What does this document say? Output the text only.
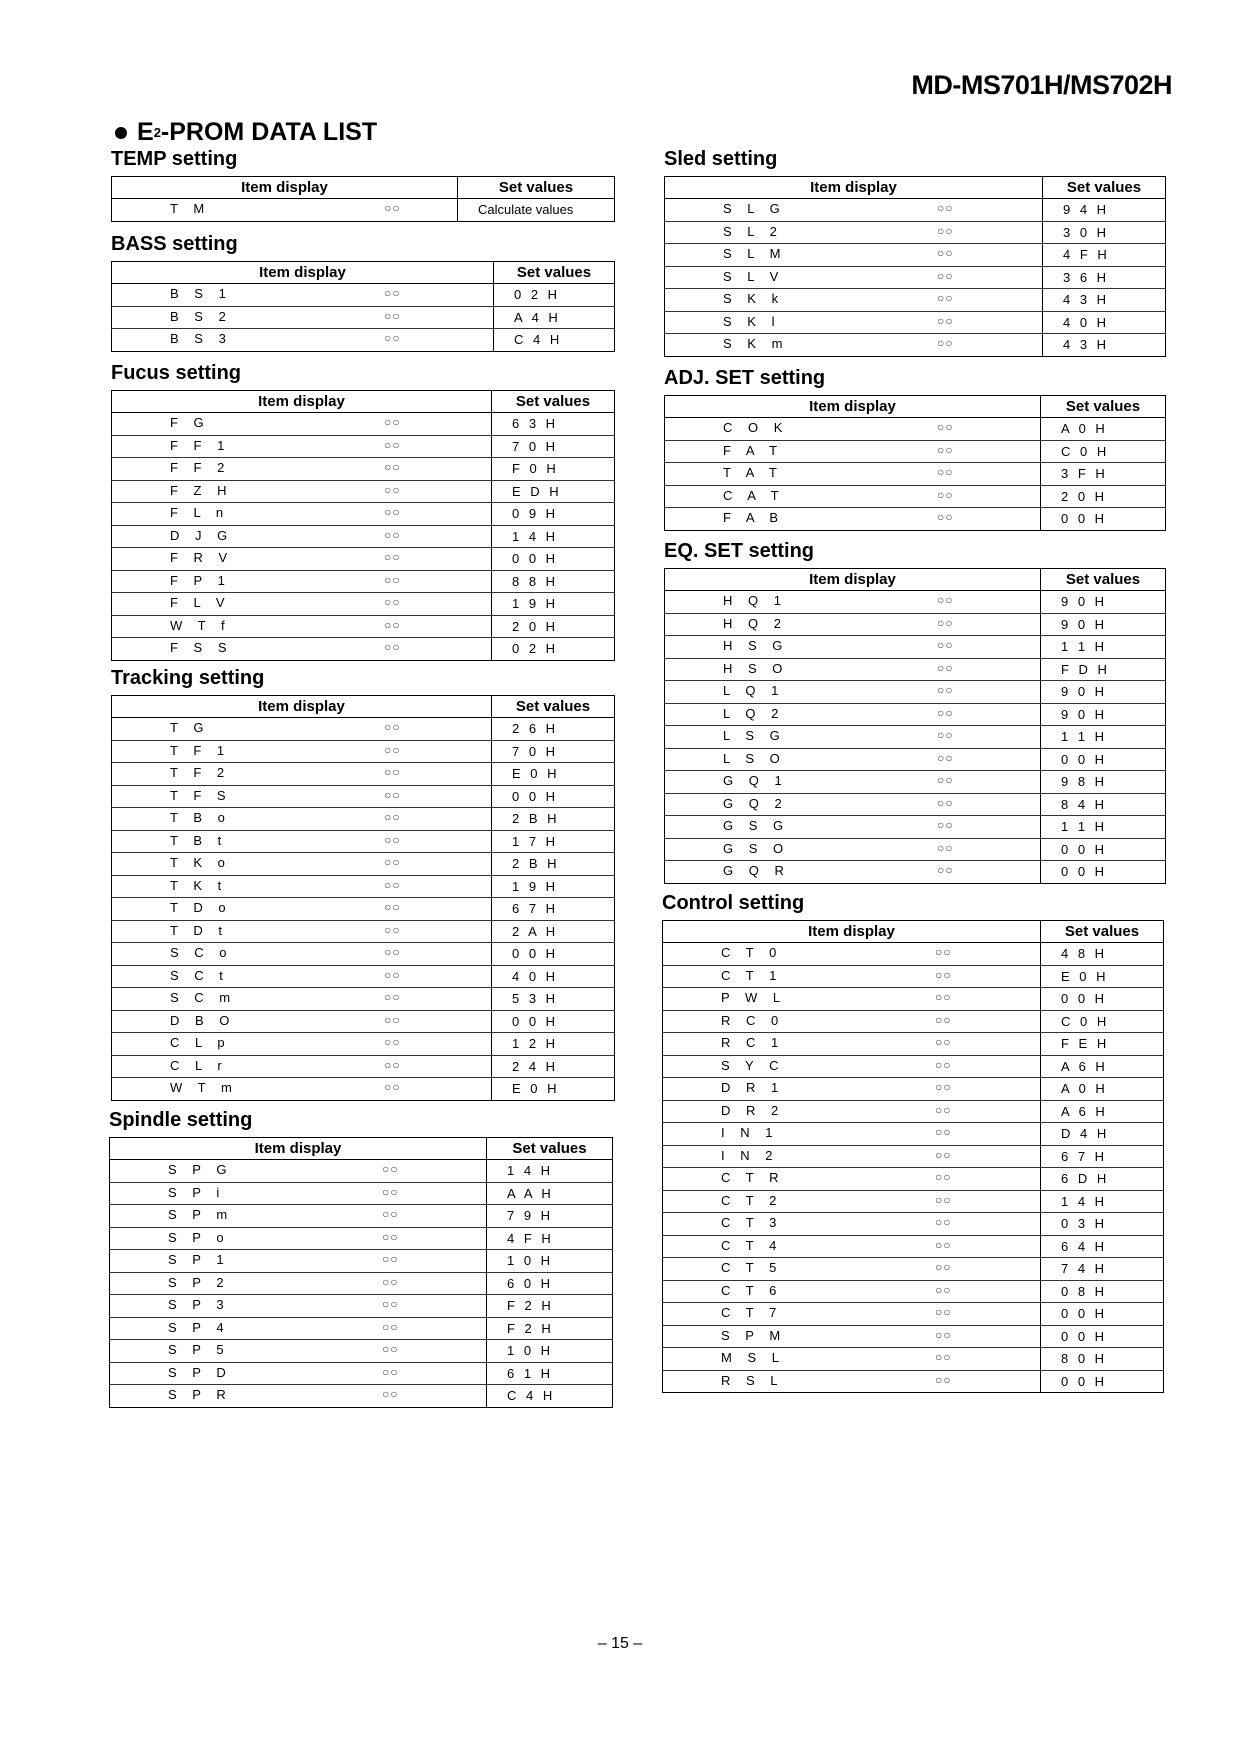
MD-MS701H/MS702H
E 2 -PROM DATA LIST
TEMP setting
Item display	Set values

T M ○○	Calculate values
BASS setting
Item display	Set values

B S 1 ○○	0 2 H

B S 2 ○○	A 4 H

B S 3 ○○	C 4 H
Fucus setting
Item display	Set values

F G ○○	6 3 H

F F 1 ○○	7 0 H

F F 2 ○○	F 0 H

F Z H ○○	E D H

F L n ○○	0 9 H

D J G ○○	1 4 H

F R V ○○	0 0 H

F P 1 ○○	8 8 H

F L V ○○	1 9 H

W T f ○○	2 0 H

F S S ○○	0 2 H
Tracking setting
Item display	Set values

T G ○○	2 6 H

T F 1 ○○	7 0 H

T F 2 ○○	E 0 H

T F S ○○	0 0 H

T B o ○○	2 B H

T B t ○○	1 7 H

T K o ○○	2 B H

T K t ○○	1 9 H

T D o ○○	6 7 H

T D t ○○	2 A H

S C o ○○	0 0 H

S C t ○○	4 0 H

S C m ○○	5 3 H

D B O ○○	0 0 H

C L p ○○	1 2 H

C L r ○○	2 4 H

W T m ○○	E 0 H
Spindle setting
Item display	Set values

S P G ○○	1 4 H

S P i ○○	A A H

S P m ○○	7 9 H

S P o ○○	4 F H

S P 1 ○○	1 0 H

S P 2 ○○	6 0 H

S P 3 ○○	F 2 H

S P 4 ○○	F 2 H

S P 5 ○○	1 0 H

S P D ○○	6 1 H

S P R ○○	C 4 H
Sled setting
Item display	Set values

S L G ○○	9 4 H

S L 2 ○○	3 0 H

S L M ○○	4 F H

S L V ○○	3 6 H

S K k ○○	4 3 H

S K l ○○	4 0 H

S K m ○○	4 3 H
ADJ. SET setting
Item display	Set values

C O K ○○	A 0 H

F A T ○○	C 0 H

T A T ○○	3 F H

C A T ○○	2 0 H

F A B ○○	0 0 H
EQ. SET setting
Item display	Set values

H Q 1 ○○	9 0 H

H Q 2 ○○	9 0 H

H S G ○○	1 1 H

H S O ○○	F D H

L Q 1 ○○	9 0 H

L Q 2 ○○	9 0 H

L S G ○○	1 1 H

L S O ○○	0 0 H

G Q 1 ○○	9 8 H

G Q 2 ○○	8 4 H

G S G ○○	1 1 H

G S O ○○	0 0 H

G Q R ○○	0 0 H
Control setting
Item display	Set values

C T 0 ○○	4 8 H

C T 1 ○○	E 0 H

P W L ○○	0 0 H

R C 0 ○○	C 0 H

R C 1 ○○	F E H

S Y C ○○	A 6 H

D R 1 ○○	A 0 H

D R 2 ○○	A 6 H

I N 1 ○○	D 4 H

I N 2 ○○	6 7 H

C T R ○○	6 D H

C T 2 ○○	1 4 H

C T 3 ○○	0 3 H

C T 4 ○○	6 4 H

C T 5 ○○	7 4 H

C T 6 ○○	0 8 H

C T 7 ○○	0 0 H

S P M ○○	0 0 H

M S L ○○	8 0 H

R S L ○○	0 0 H
– 15 –
